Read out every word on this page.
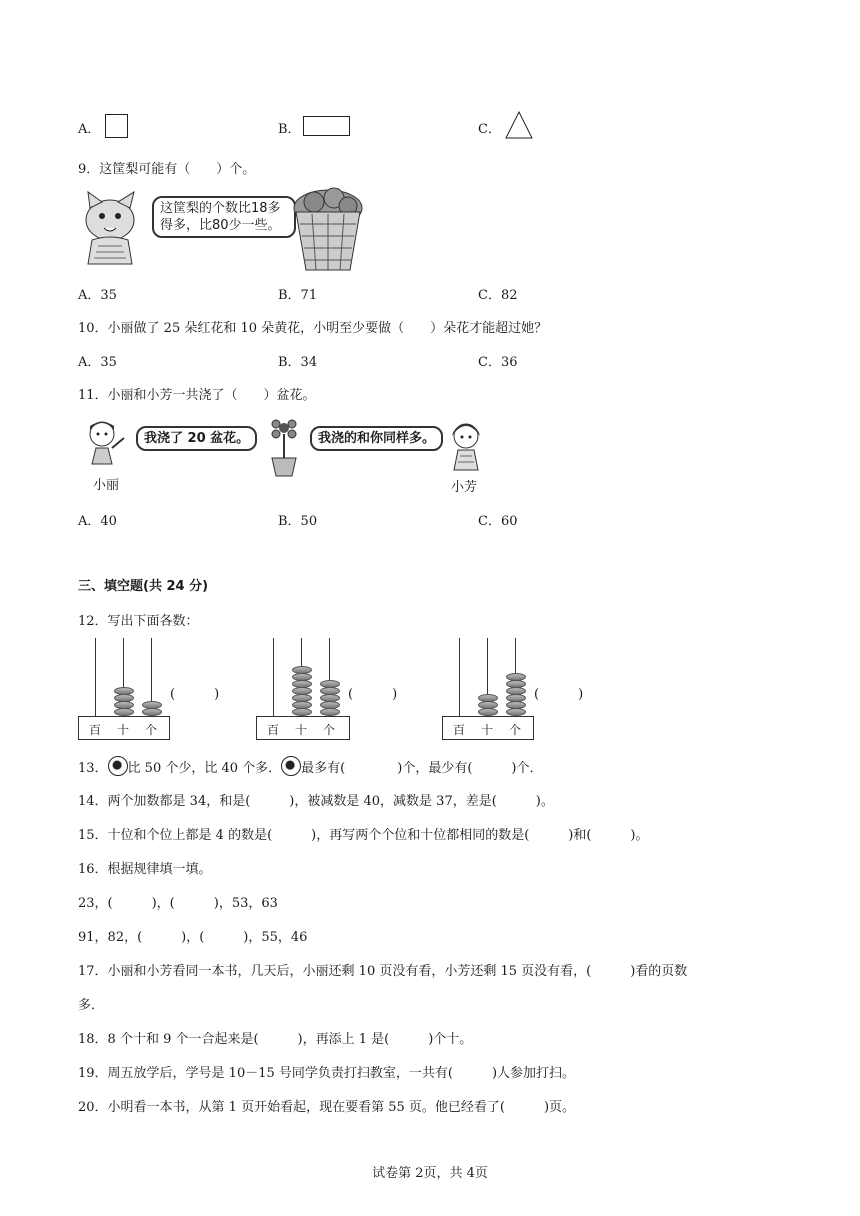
A．	B．	C．
9．这筐梨可能有（　　）个。
这筐梨的个数比18多
得多，比80少一些。
A．35	B．71	C．82
10．小丽做了 25 朵红花和 10 朵黄花，小明至少要做（　　）朵花才能超过她？
A．35	B．34	C．36
11．小丽和小芳一共浇了（　　）盆花。
我浇了 20 盆花。
小丽
我浇的和你同样多。
小芳
A．40	B．50	C．60
三、填空题(共 24 分)
12．写出下面各数：
百 十 个
(　　　)
百 十 个
(　　　)
百 十 个
(　　　)
13． 比 50 个少，比 40 个多． 最多有(　　　　)个，最少有(　　　)个．
14．两个加数都是 34，和是(　　　)，被减数是 40，减数是 37，差是(　　　)。
15．十位和个位上都是 4 的数是(　　　)，再写两个个位和十位都相同的数是(　　　)和(　　　)。
16．根据规律填一填。
23，(　　　)，(　　　)，53，63
91，82，(　　　)，(　　　)，55，46
17．小丽和小芳看同一本书，几天后，小丽还剩 10 页没有看，小芳还剩 15 页没有看，(　　　)看的页数
多．
18．8 个十和 9 个一合起来是(　　　)，再添上 1 是(　　　)个十。
19．周五放学后，学号是 10－15 号同学负责打扫教室，一共有(　　　)人参加打扫。
20．小明看一本书，从第 1 页开始看起，现在要看第 55 页。他已经看了(　　　)页。
试卷第 2页，共 4页
